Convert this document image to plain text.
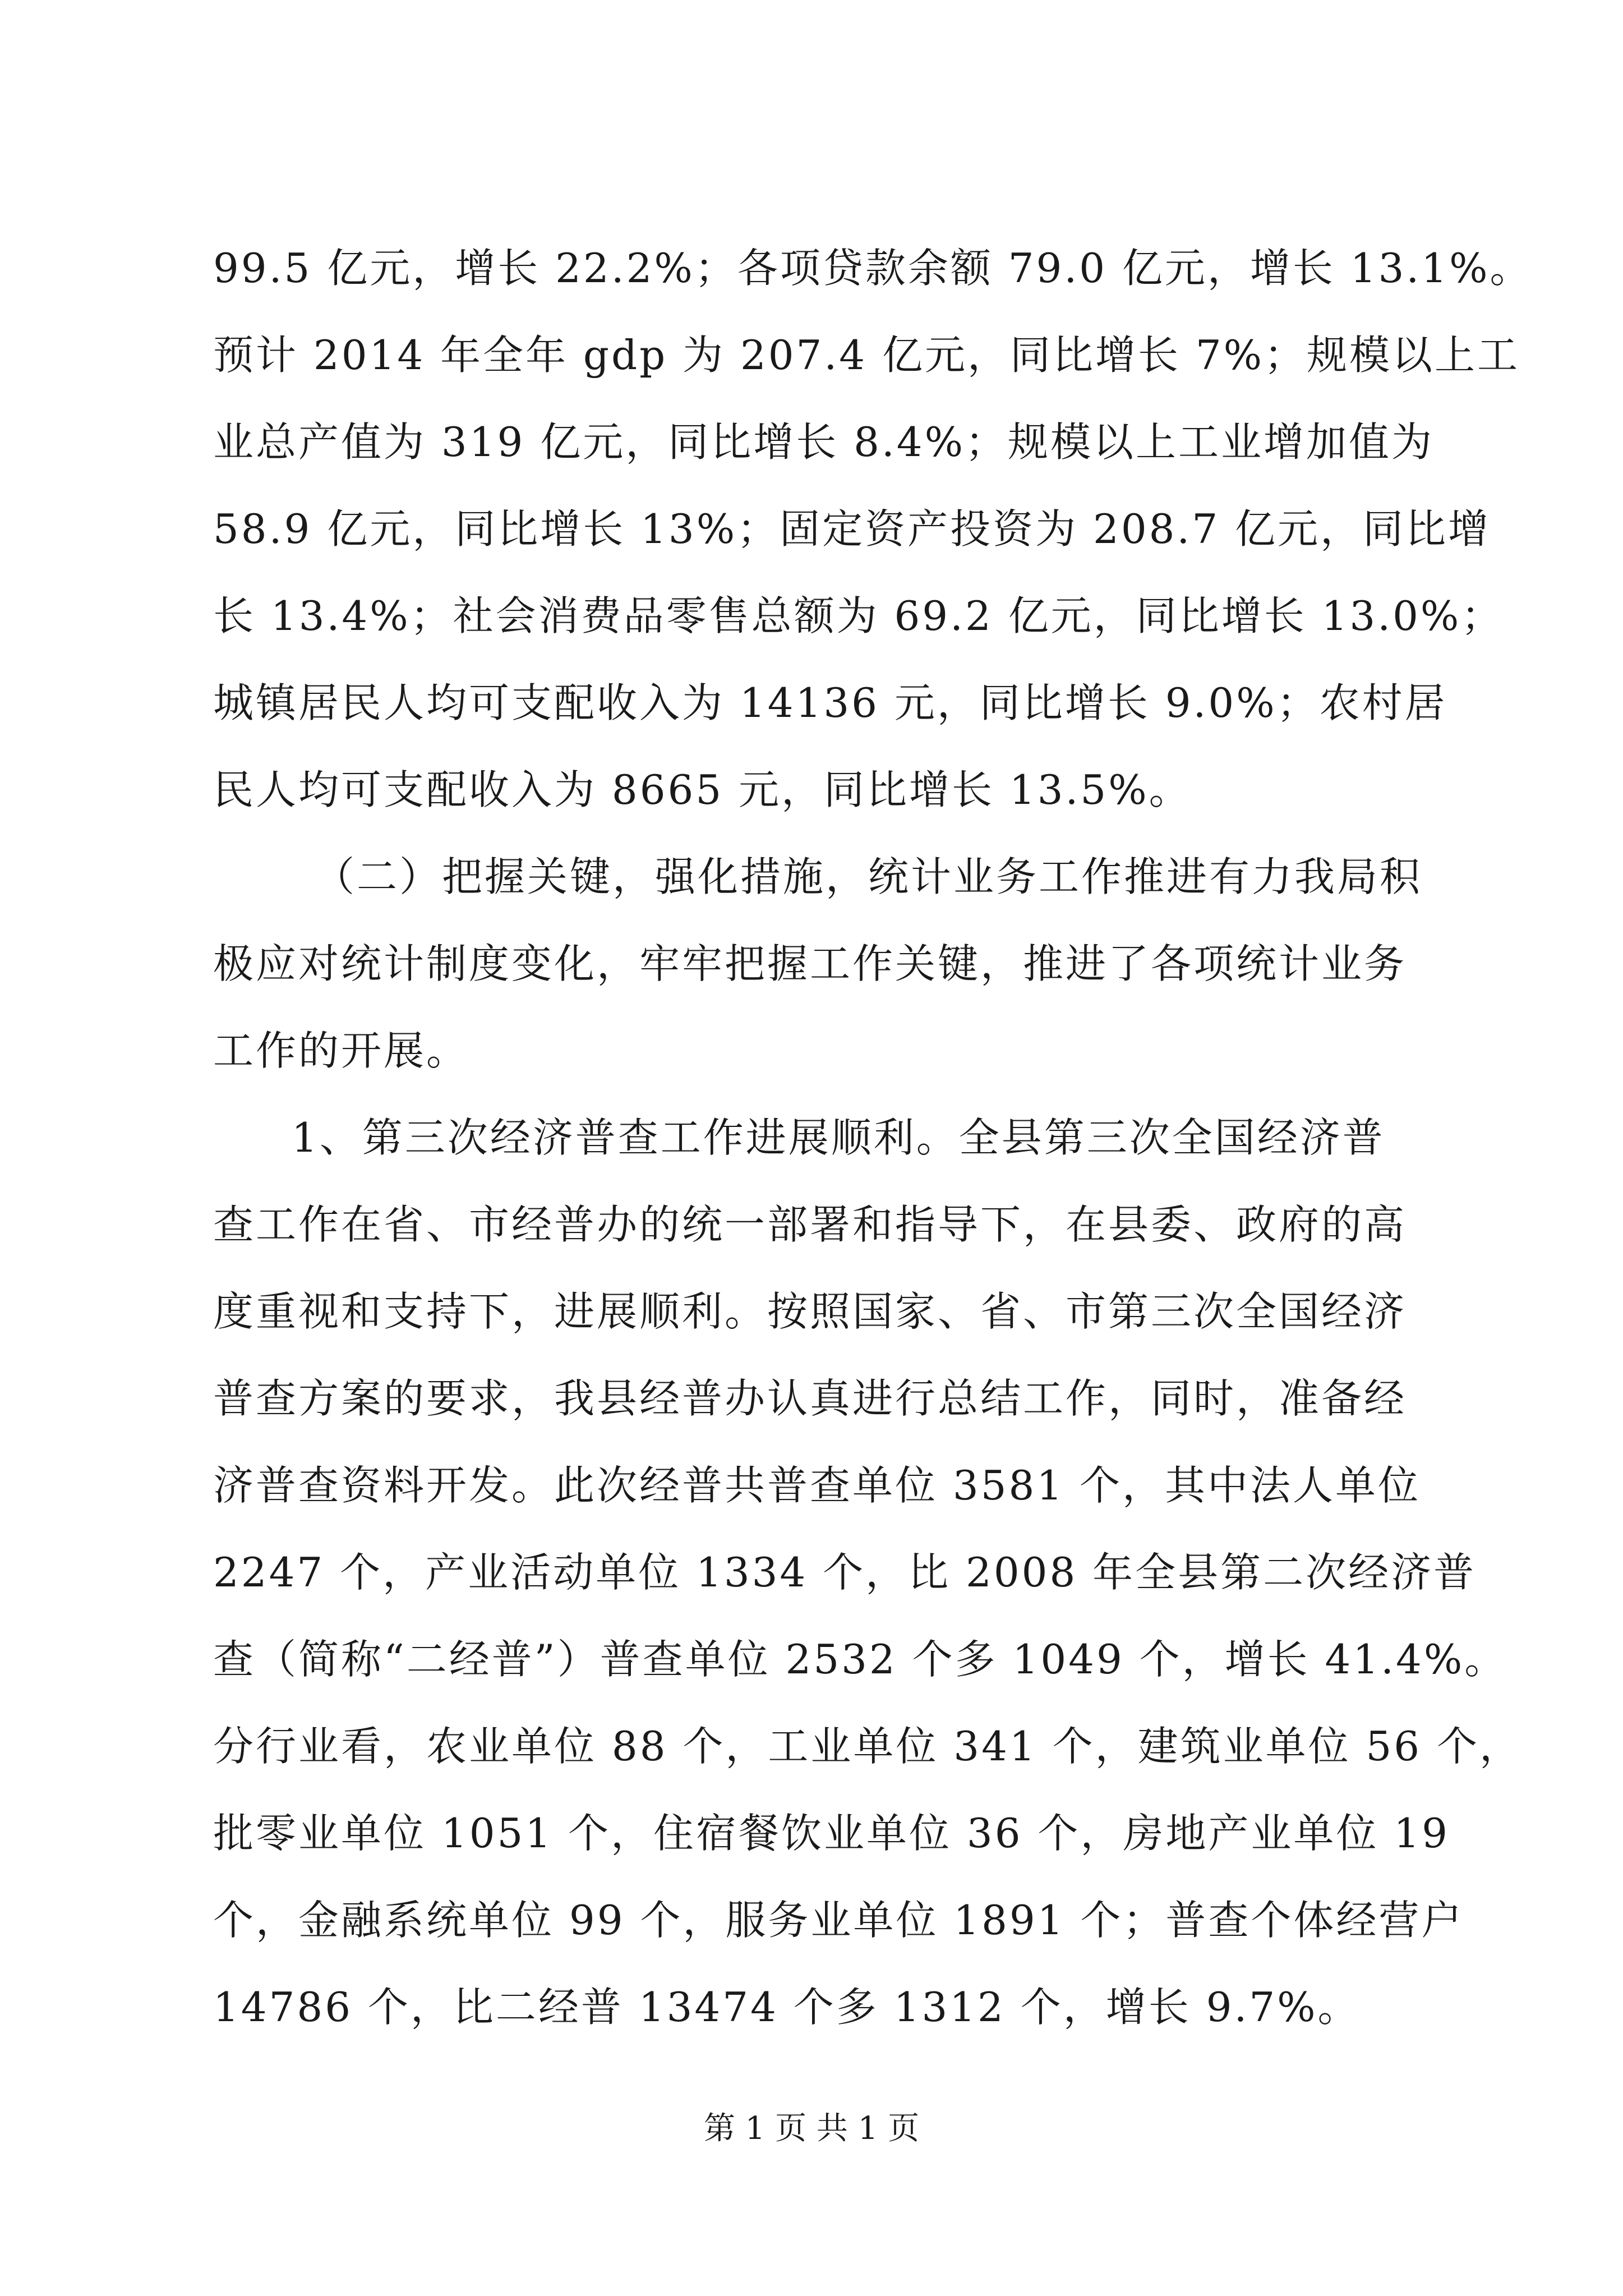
99.5 亿元，增长 22.2%；各项贷款余额 79.0 亿元，增长 13.1%。
预计 2014 年全年 gdp 为 207.4 亿元，同比增长 7%；规模以上工
业总产值为 319 亿元，同比增长 8.4%；规模以上工业增加值为
58.9 亿元，同比增长 13%；固定资产投资为 208.7 亿元，同比增
长 13.4%；社会消费品零售总额为 69.2 亿元，同比增长 13.0%；
城镇居民人均可支配收入为 14136 元，同比增长 9.0%；农村居
民人均可支配收入为 8665 元，同比增长 13.5%。
（二）把握关键，强化措施，统计业务工作推进有力我局积
极应对统计制度变化，牢牢把握工作关键，推进了各项统计业务
工作的开展。
1、第三次经济普查工作进展顺利。全县第三次全国经济普
查工作在省、市经普办的统一部署和指导下，在县委、政府的高
度重视和支持下，进展顺利。按照国家、省、市第三次全国经济
普查方案的要求，我县经普办认真进行总结工作，同时，准备经
济普查资料开发。此次经普共普查单位 3581 个，其中法人单位
2247 个，产业活动单位 1334 个，比 2008 年全县第二次经济普
查（简称“二经普”）普查单位 2532 个多 1049 个，增长 41.4%。
分行业看，农业单位 88 个，工业单位 341 个，建筑业单位 56 个，
批零业单位 1051 个，住宿餐饮业单位 36 个，房地产业单位 19
个，金融系统单位 99 个，服务业单位 1891 个；普查个体经营户
14786 个，比二经普 13474 个多 1312 个，增长 9.7%。
第 1 页 共 1 页
